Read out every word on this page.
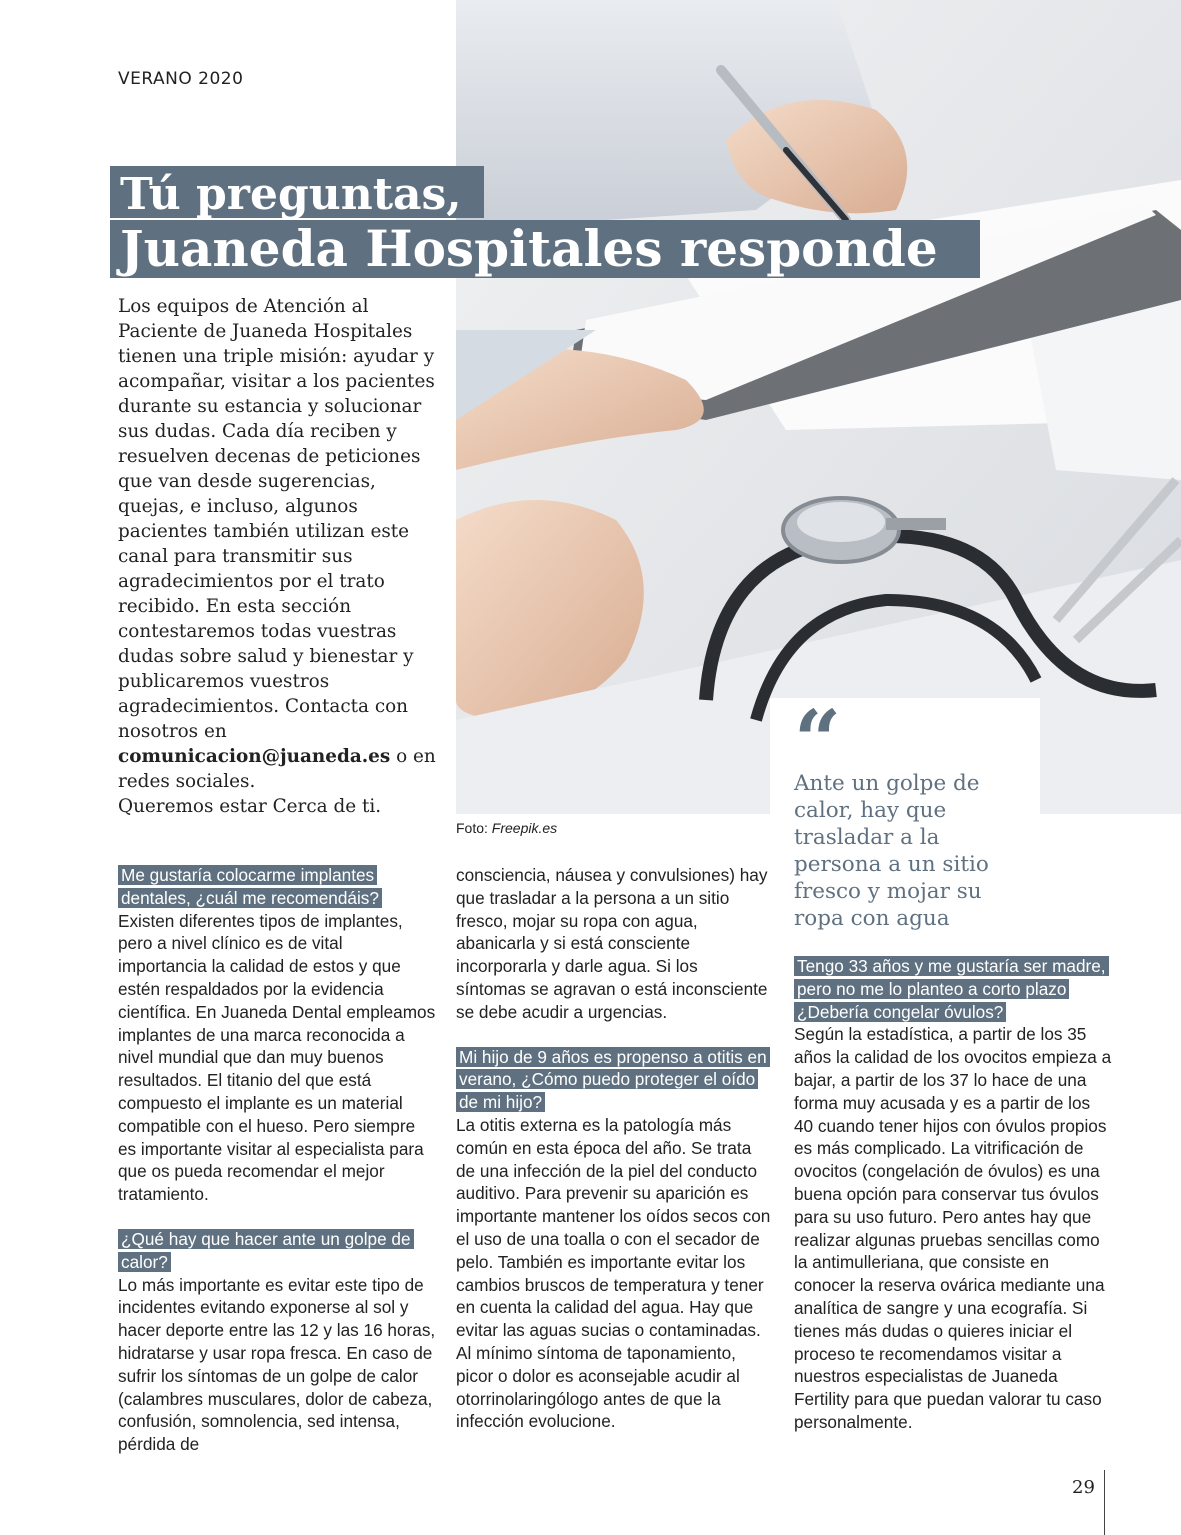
VERANO 2020
Tú preguntas,
Juaneda Hospitales responde

Los equipos de Atención al Paciente de Juaneda Hospitales tienen una triple misión: ayudar y acompañar, visitar a los pacientes durante su estancia y solucionar sus dudas. Cada día reciben y resuelven decenas de peticiones que van desde sugerencias, quejas, e incluso, algunos pacientes también utilizan este canal para transmitir sus agradecimientos por el trato recibido. En esta sección contestaremos todas vuestras dudas sobre salud y bienestar y publicaremos vuestros agradecimientos. Contacta con nosotros en comunicacion@juaneda.es o en redes sociales.
Queremos estar Cerca de ti.

Foto: Freepik.es
“
Ante un golpe de calor, hay que trasladar a la persona a un sitio fresco y mojar su ropa con agua

Me gustaría colocarme implantes dentales, ¿cuál me recomendáis?

Existen diferentes tipos de implantes, pero a nivel clínico es de vital importancia la calidad de estos y que estén respaldados por la evidencia científica. En Juaneda Dental empleamos implantes de una marca reconocida a nivel mundial que dan muy buenos resultados. El titanio del que está compuesto el implante es un material compatible con el hueso. Pero siempre es importante visitar al especialista para que os pueda recomendar el mejor tratamiento.

¿Qué hay que hacer ante un golpe de calor?

Lo más importante es evitar este tipo de incidentes evitando exponerse al sol y hacer deporte entre las 12 y las 16 horas, hidratarse y usar ropa fresca. En caso de sufrir los síntomas de un golpe de calor (calambres musculares, dolor de cabeza, confusión, somnolencia, sed intensa, pérdida de

consciencia, náusea y convulsiones) hay que trasladar a la persona a un sitio fresco, mojar su ropa con agua, abanicarla y si está consciente incorporarla y darle agua. Si los síntomas se agravan o está inconsciente se debe acudir a urgencias.

Mi hijo de 9 años es propenso a otitis en verano, ¿Cómo puedo proteger el oído de mi hijo?

La otitis externa es la patología más común en esta época del año. Se trata de una infección de la piel del conducto auditivo. Para prevenir su aparición es importante mantener los oídos secos con el uso de una toalla o con el secador de pelo. También es importante evitar los cambios bruscos de temperatura y tener en cuenta la calidad del agua. Hay que evitar las aguas sucias o contaminadas. Al mínimo síntoma de taponamiento, picor o dolor es aconsejable acudir al otorrinolaringólogo antes de que la infección evolucione.

Tengo 33 años y me gustaría ser madre, pero no me lo planteo a corto plazo ¿Debería congelar óvulos?

Según la estadística, a partir de los 35 años la calidad de los ovocitos empieza a bajar, a partir de los 37 lo hace de una forma muy acusada y es a partir de los 40 cuando tener hijos con óvulos propios es más complicado. La vitrificación de ovocitos (congelación de óvulos) es una buena opción para conservar tus óvulos para su uso futuro. Pero antes hay que realizar algunas pruebas sencillas como la antimulleriana, que consiste en conocer la reserva ovárica mediante una analítica de sangre y una ecografía. Si tienes más dudas o quieres iniciar el proceso te recomendamos visitar a nuestros especialistas de Juaneda Fertility para que puedan valorar tu caso personalmente.

29
